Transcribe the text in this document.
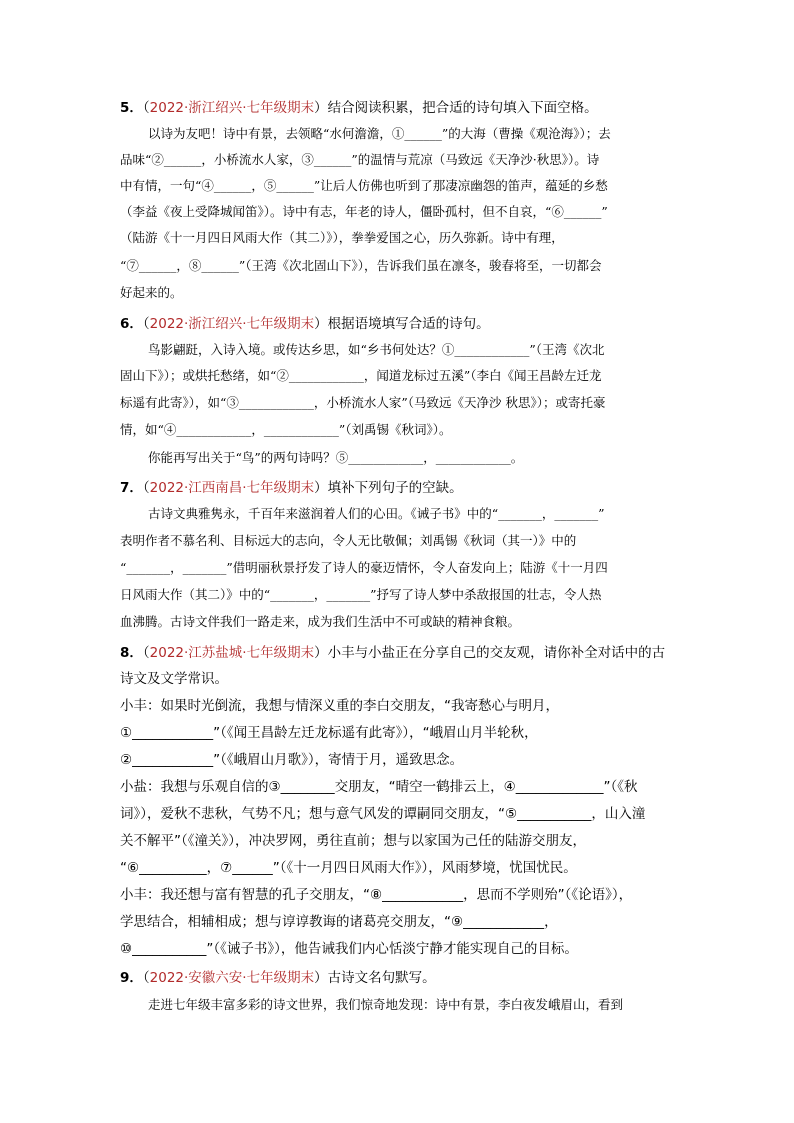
5．（2022·浙江绍兴·七年级期末）结合阅读积累，把合适的诗句填入下面空格。
以诗为友吧！诗中有景，去领略“水何澹澹，①______”的大海（曹操《观沧海》）；去
品味“②______，小桥流水人家，③______”的温情与荒凉（马致远《天净沙·秋思》）。诗
中有情，一句“④______，⑤______”让后人仿佛也听到了那凄凉幽怨的笛声，蕴延的乡愁
（李益《夜上受降城闻笛》）。诗中有志，年老的诗人，僵卧孤村，但不自哀，“⑥______”
（陆游《十一月四日风雨大作（其二）》），拳拳爱国之心，历久弥新。诗中有理，
“⑦______，⑧______”（王湾《次北固山下》），告诉我们虽在凛冬，骏春将至，一切都会
好起来的。
6．（2022·浙江绍兴·七年级期末）根据语境填写合适的诗句。
鸟影翩跹，入诗入境。或传达乡思，如“乡书何处达？①____________”（王湾《次北
固山下》）；或烘托愁绪，如“②____________，闻道龙标过五溪”（李白《闻王昌龄左迁龙
标遥有此寄》），如“③____________，小桥流水人家”（马致远《天净沙 秋思》）；或寄托豪
情，如“④____________，____________”（刘禹锡《秋词》）。
你能再写出关于“鸟”的两句诗吗？⑤____________，____________。
7．（2022·江西南昌·七年级期末）填补下列句子的空缺。
古诗文典雅隽永，千百年来滋润着人们的心田。《诫子书》中的“_______，_______”
表明作者不慕名利、目标远大的志向，令人无比敬佩；刘禹锡《秋词（其一）》中的
“_______，_______”借明丽秋景抒发了诗人的豪迈情怀，令人奋发向上；陆游《十一月四
日风雨大作（其二）》中的“_______，_______”抒写了诗人梦中杀敌报国的壮志，令人热
血沸腾。古诗文伴我们一路走来，成为我们生活中不可或缺的精神食粮。
8．（2022·江苏盐城·七年级期末）小丰与小盐正在分享自己的交友观，请你补全对话中的古
诗文及文学常识。
小丰：如果时光倒流，我想与情深义重的李白交朋友，“我寄愁心与明月，
①____________”（《闻王昌龄左迁龙标遥有此寄》），“峨眉山月半轮秋，
②____________”（《峨眉山月歌》），寄情于月，遥致思念。
小盐：我想与乐观自信的③________交朋友，“晴空一鹤排云上，④_____________”（《秋
词》），爱秋不悲秋，气势不凡；想与意气风发的谭嗣同交朋友，“⑤___________，山入潼
关不解平”（《潼关》），冲决罗网，勇往直前；想与以家国为己任的陆游交朋友，
“⑥__________，⑦______”（《十一月四日风雨大作》），风雨梦境，忧国忧民。
小丰：我还想与富有智慧的孔子交朋友，“⑧____________，思而不学则殆”（《论语》），
学思结合，相辅相成；想与谆谆教诲的诸葛亮交朋友，“⑨____________，
⑩___________”（《诫子书》），他告诫我们内心恬淡宁静才能实现自己的目标。
9．（2022·安徽六安·七年级期末）古诗文名句默写。
走进七年级丰富多彩的诗文世界，我们惊奇地发现：诗中有景，李白夜发峨眉山，看到
